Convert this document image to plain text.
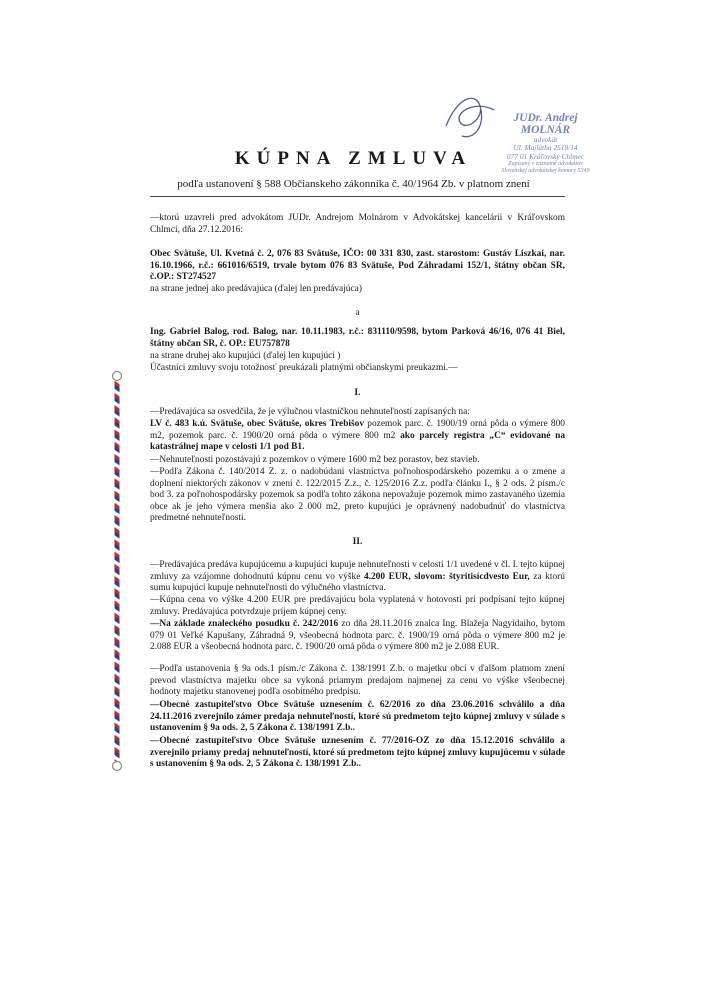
JUDr. Andrej MOLNÁR
advokát
Ul. Majláthа 2518/14
077 01 Kráľovský Chlmec
Zapísaný v zozname advokátov
Slovenskej advokátskej komory 5349
KÚPNA ZMLUVA
podľa ustanovení § 588 Občianskeho zákonníka č. 40/1964 Zb. v platnom znení
—ktorú uzavreli pred advokátom JUDr. Andrejom Molnárom v Advokátskej kancelárii v Kráľovskom Chlmci, dňa 27.12.2016:
Obec Svätuše, Ul. Kvetná č. 2, 076 83 Svätuše, IČO: 00 331 830, zast. starostom: Gustáv Liszkai, nar. 16.10.1966, r.č.: 661016/6519, trvale bytom 076 83 Svätuše, Pod Záhradami 152/1, štátny občan SR, č.OP.: ST274527
na strane jednej ako predávajúca (ďalej len predávajúca)
a
Ing. Gabriel Balog, rod. Balog, nar. 10.11.1983, r.č.: 831110/9598, bytom Parková 46/16, 076 41 Biel, štátny občan SR, č. OP.: EU757878
na strane druhej ako kupujúci (ďalej len kupujúci )
Účastníci zmluvy svoju totožnosť preukázali platnými občianskymi preukazmi.—
I.
—Predávajúca sa osvedčila, že je výlučnou vlastníčkou nehnuteľností zapísaných na:
LV č. 483 k.ú. Svätuše, obec Svätuše, okres Trebišov pozemok parc. č. 1900/19 orná pôda o výmere 800 m2, pozemok parc. č. 1900/20 orná pôda o výmere 800 m2 ako parcely registra „C“ evidované na katastrálnej mape v celosti 1/1 pod B1.
—Nehnuteľnosti pozostávajú z pozemkov o výmere 1600 m2 bez porastov, bez stavieb.
—Podľa Zákona č. 140/2014 Z. z. o nadobúdaní vlastníctva poľnohospodárskeho pozemku a o zmene a doplnení niektorých zákonov v znení č. 122/2015 Z.z., č. 125/2016 Z.z. podľa článku I., § 2 ods. 2 písm./c bod 3. za poľnohospodársky pozemok sa podľa tohto zákona nepovažuje pozemok mimo zastavaného územia obce ak je jeho výmera menšia ako 2 000 m2, preto kupujúci je oprávnený nadobudnúť do vlastníctva predmetné nehnuteľnosti.
II.
—Predávajúca predáva kupujúcemu a kupujúci kupuje nehnuteľnosti v celosti 1/1 uvedené v čl. I. tejto kúpnej zmluvy za vzájomne dohodnutú kúpnu cenu vo výške 4.200 EUR, slovom: štyritisícdvesto Eur, za ktorú sumu kupujúci kupuje nehnuteľnosti do výlučného vlastníctva.
—Kúpna cena vo výške 4.200 EUR pre predávajúcu bola vyplatená v hotovosti pri podpísaní tejto kúpnej zmluvy. Predávajúca potvrdzuje príjem kúpnej ceny.
—Na základe znaleckého posudku č. 242/2016 zo dňa 28.11.2016 znalca Ing. Blažeja Nagyidaiho, bytom 079 01 Veľké Kapušany, Záhradná 9, všeobecná hodnota parc. č. 1900/19 orná pôda o výmere 800 m2 je 2.088 EUR a všeobecná hodnota parc. č. 1900/20 orná pôda o výmere 800 m2 je 2.088 EUR.
—Podľa ustanovenia § 9a ods.1 písm./c Zákona č. 138/1991 Z.b. o majetku obcí v ďalšom platnom znení prevod vlastníctva majetku obce sa vykoná priamym predajom najmenej za cenu vo výške všeobecnej hodnoty majetku stanovenej podľa osobitného predpisu.
—Obecné zastupiteľstvo Obce Svätuše uznesením č. 62/2016 zo dňa 23.06.2016 schválilo a dňa 24.11.2016 zverejnilo zámer predaja nehnuteľností, ktoré sú predmetom tejto kúpnej zmluvy v súlade s ustanovením § 9a ods. 2, 5 Zákona č. 138/1991 Z.b..
—Obecné zastupiteľstvo Obce Svätuše uznesením č. 77/2016-OZ zo dňa 15.12.2016 schválilo a zverejnilo priamy predaj nehnuteľností, ktoré sú predmetom tejto kúpnej zmluvy kupujúcemu v súlade s ustanovením § 9a ods. 2, 5 Zákona č. 138/1991 Z.b..
